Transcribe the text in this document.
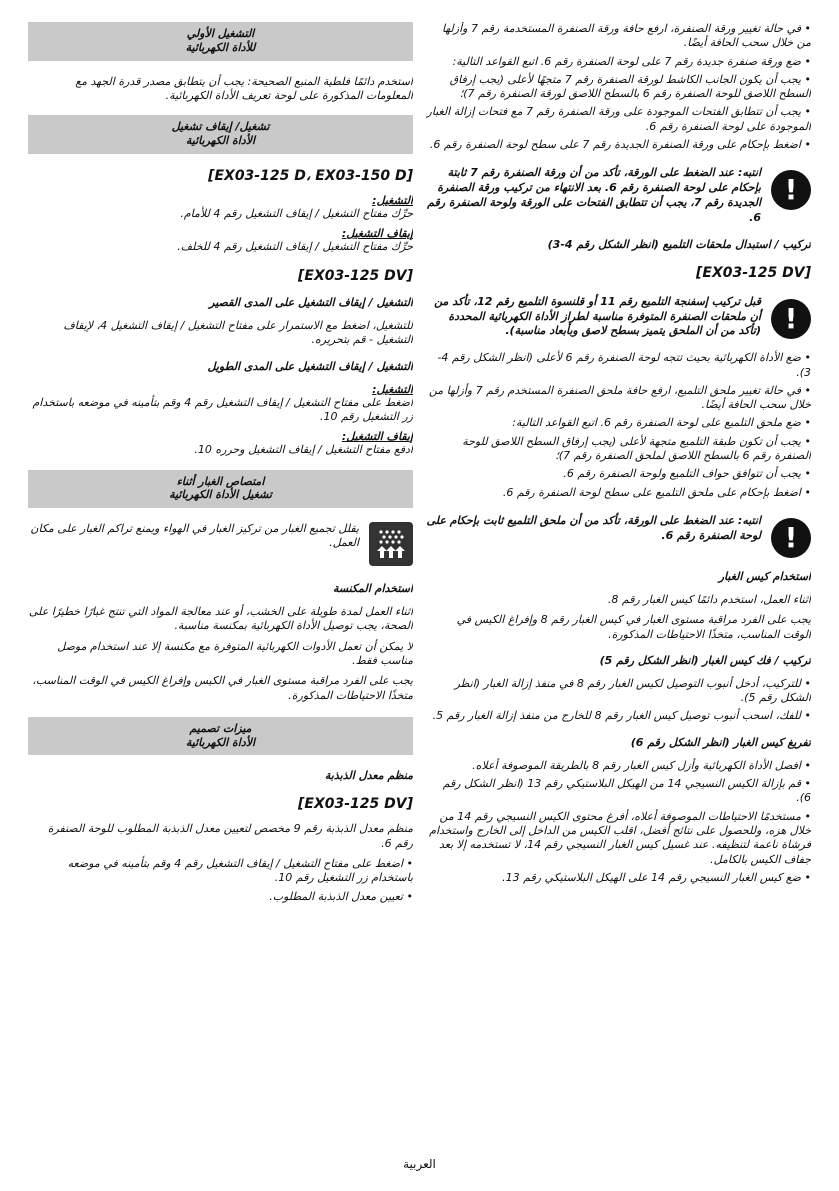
• في حالة تغيير ورقة الصنفرة، ارفع حافة ورقة الصنفرة المستخدمة رقم 7 وأزلها من خلال سحب الحافة أيضًا.

• ضع ورقة صنفرة جديدة رقم 7 على لوحة الصنفرة رقم 6. اتبع القواعد التالية:

• يجب أن يكون الجانب الكاشط لورقة الصنفرة رقم 7 متجهًا لأعلى (يجب إرفاق السطح اللاصق للوحة الصنفرة رقم 6 بالسطح اللاصق لورقة الصنفرة رقم 7)؛

• يجب أن تتطابق الفتحات الموجودة على ورقة الصنفرة رقم 7 مع فتحات إزالة الغبار الموجودة على لوحة الصنفرة رقم 6.

• اضغط بإحكام على ورقة الصنفرة الجديدة رقم 7 على سطح لوحة الصنفرة رقم 6.

!
انتبه: عند الضغط على الورقة، تأكد من أن ورقة الصنفرة رقم 7 ثابتة بإحكام على لوحة الصنفرة رقم 6. بعد الانتهاء من تركيب ورقة الصنفرة الجديدة رقم 7، يجب أن تتطابق الفتحات على الورقة ولوحة الصنفرة رقم 6.
تركيب / استبدال ملحقات التلميع (انظر الشكل رقم 4-3)
[EX03-125 DV]
!
قبل تركيب إسفنجة التلميع رقم 11 أو قلنسوة التلميع رقم 12، تأكد من أن ملحقات الصنفرة المتوفرة مناسبة لطراز الأداة الكهربائية المحددة (تأكد من أن الملحق يتميز بسطح لاصق وبأبعاد مناسبة).

• ضع الأداة الكهربائية بحيث تتجه لوحة الصنفرة رقم 6 لأعلى (انظر الشكل رقم 4-3).

• في حالة تغيير ملحق التلميع، ارفع حافة ملحق الصنفرة المستخدم رقم 7 وأزلها من خلال سحب الحافة أيضًا.

• ضع ملحق التلميع على لوحة الصنفرة رقم 6. اتبع القواعد التالية:

• يجب أن تكون طبقة التلميع متجهة لأعلى (يجب إرفاق السطح اللاصق للوحة الصنفرة رقم 6 بالسطح اللاصق لملحق الصنفرة رقم 7)؛

• يجب أن تتوافق حواف التلميع ولوحة الصنفرة رقم 6.

• اضغط بإحكام على ملحق التلميع على سطح لوحة الصنفرة رقم 6.

!
انتبه: عند الضغط على الورقة، تأكد من أن ملحق التلميع ثابت بإحكام على لوحة الصنفرة رقم 6.
استخدام كيس الغبار

أثناء العمل، استخدم دائمًا كيس الغبار رقم 8.

يجب على الفرد مراقبة مستوى الغبار في كيس الغبار رقم 8 وإفراغ الكيس في الوقت المناسب، متخذًا الاحتياطات المذكورة.

تركيب / فك كيس الغبار (انظر الشكل رقم 5)

• للتركيب، أدخل أنبوب التوصيل لكيس الغبار رقم 8 في منفذ إزالة الغبار (انظر الشكل رقم 5).

• للفك، اسحب أنبوب توصيل كيس الغبار رقم 8 للخارج من منفذ إزالة الغبار رقم 5.

تفريغ كيس الغبار (انظر الشكل رقم 6)

• افصل الأداة الكهربائية وأزل كيس الغبار رقم 8 بالطريقة الموصوفة أعلاه.

• قم بإزالة الكيس النسيجي 14 من الهيكل البلاستيكي رقم 13 (انظر الشكل رقم 6).

• مستخدمًا الاحتياطات الموصوفة أعلاه، أفرغ محتوى الكيس النسيجي رقم 14 من خلال هزه، وللحصول على نتائج أفضل، اقلب الكيس من الداخل إلى الخارج واستخدام فرشاة ناعمة لتنظيفه. عند غسيل كيس الغبار النسيجي رقم 14، لا تستخدمه إلا بعد جفاف الكيس بالكامل.

• ضع كيس الغبار النسيجي رقم 14 على الهيكل البلاستيكي رقم 13.

التشغيل الأولي
للأداة الكهربائية

استخدم دائمًا فلطية المنبع الصحيحة: يجب أن يتطابق مصدر قدرة الجهد مع المعلومات المذكورة على لوحة تعريف الأداة الكهربائية.

تشغيل/ إيقاف تشغيل
الأداة الكهربائية
[EX03-125 D، EX03-150 D]
التشغيل:

حرِّك مفتاح التشغيل / إيقاف التشغيل رقم 4 للأمام.

إيقاف التشغيل:

حرِّك مفتاح التشغيل / إيقاف التشغيل رقم 4 للخلف.

[EX03-125 DV]
التشغيل / إيقاف التشغيل على المدى القصير

للتشغيل، اضغط مع الاستمرار على مفتاح التشغيل / إيقاف التشغيل 4، لإيقاف التشغيل - قم بتحريره.

التشغيل / إيقاف التشغيل على المدى الطويل
التشغيل:

اضغط على مفتاح التشغيل / إيقاف التشغيل رقم 4 وقم بتأمينه في موضعه باستخدام زر التشغيل رقم 10.

إيقاف التشغيل:

ادفع مفتاح التشغيل / إيقاف التشغيل وحرره 10.

امتصاص الغبار أثناء
تشغيل الأداة الكهربائية

يقلل تجميع الغبار من تركيز الغبار في الهواء ويمنع تراكم الغبار على مكان العمل.

استخدام المكنسة

أثناء العمل لمدة طويلة على الخشب، أو عند معالجة المواد التي تنتج غبارًا خطيرًا على الصحة، يجب توصيل الأداة الكهربائية بمكنسة مناسبة.

لا يمكن أن تعمل الأدوات الكهربائية المتوفرة مع مكنسة إلا عند استخدام موصل مناسب فقط.

يجب على الفرد مراقبة مستوى الغبار في الكيس وإفراغ الكيس في الوقت المناسب، متخذًا الاحتياطات المذكورة.

ميزات تصميم
الأداة الكهربائية
منظم معدل الذبذبة
[EX03-125 DV]

منظم معدل الذبذبة رقم 9 مخصص لتعيين معدل الذبذبة المطلوب للوحة الصنفرة رقم 6.

• اضغط على مفتاح التشغيل / إيقاف التشغيل رقم 4 وقم بتأمينه في موضعه باستخدام زر التشغيل رقم 10.

• تعيين معدل الذبذبة المطلوب.

العربية
